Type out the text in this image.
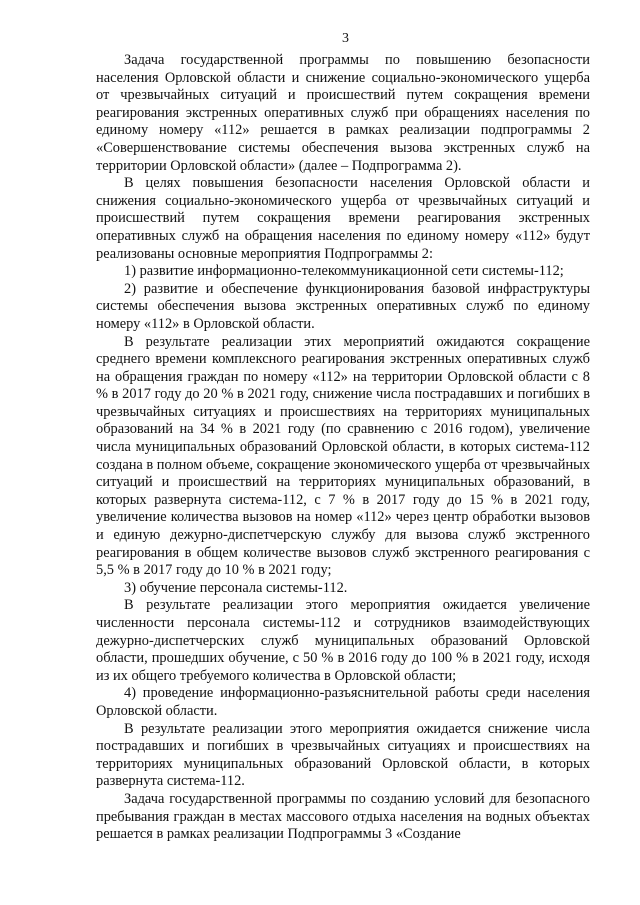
3

Задача государственной программы по повышению безопасности населения Орловской области и снижение социально-экономического ущерба от чрезвычайных ситуаций и происшествий путем сокращения времени реагирования экстренных оперативных служб при обращениях населения по единому номеру «112» решается в рамках реализации подпрограммы 2 «Совершенствование системы обеспечения вызова экстренных служб на территории Орловской области» (далее – Подпрограмма 2).

В целях повышения безопасности населения Орловской области и снижения социально-экономического ущерба от чрезвычайных ситуаций и происшествий путем сокращения времени реагирования экстренных оперативных служб на обращения населения по единому номеру «112» будут реализованы основные мероприятия Подпрограммы 2:

1) развитие информационно-телекоммуникационной сети системы-112;

2) развитие и обеспечение функционирования базовой инфраструктуры системы обеспечения вызова экстренных оперативных служб по единому номеру «112» в Орловской области.

В результате реализации этих мероприятий ожидаются сокращение среднего времени комплексного реагирования экстренных оперативных служб на обращения граждан по номеру «112» на территории Орловской области с 8 % в 2017 году до 20 % в 2021 году, снижение числа пострадавших и погибших в чрезвычайных ситуациях и происшествиях на территориях муниципальных образований на 34 % в 2021 году (по сравнению с 2016 годом), увеличение числа муниципальных образований Орловской области, в которых система-112 создана в полном объеме, сокращение экономического ущерба от чрезвычайных ситуаций и происшествий на территориях муниципальных образований, в которых развернута система-112, с 7 % в 2017 году до 15 % в 2021 году, увеличение количества вызовов на номер «112» через центр обработки вызовов и единую дежурно-диспетчерскую службу для вызова служб экстренного реагирования в общем количестве вызовов служб экстренного реагирования с 5,5 % в 2017 году до 10 % в 2021 году;

3) обучение персонала системы-112.

В результате реализации этого мероприятия ожидается увеличение численности персонала системы-112 и сотрудников взаимодействующих дежурно-диспетчерских служб муниципальных образований Орловской области, прошедших обучение, с 50 % в 2016 году до 100 % в 2021 году, исходя из их общего требуемого количества в Орловской области;

4) проведение информационно-разъяснительной работы среди населения Орловской области.

В результате реализации этого мероприятия ожидается снижение числа пострадавших и погибших в чрезвычайных ситуациях и происшествиях на территориях муниципальных образований Орловской области, в которых развернута система-112.

Задача государственной программы по созданию условий для безопасного пребывания граждан в местах массового отдыха населения на водных объектах решается в рамках реализации Подпрограммы 3 «Создание
